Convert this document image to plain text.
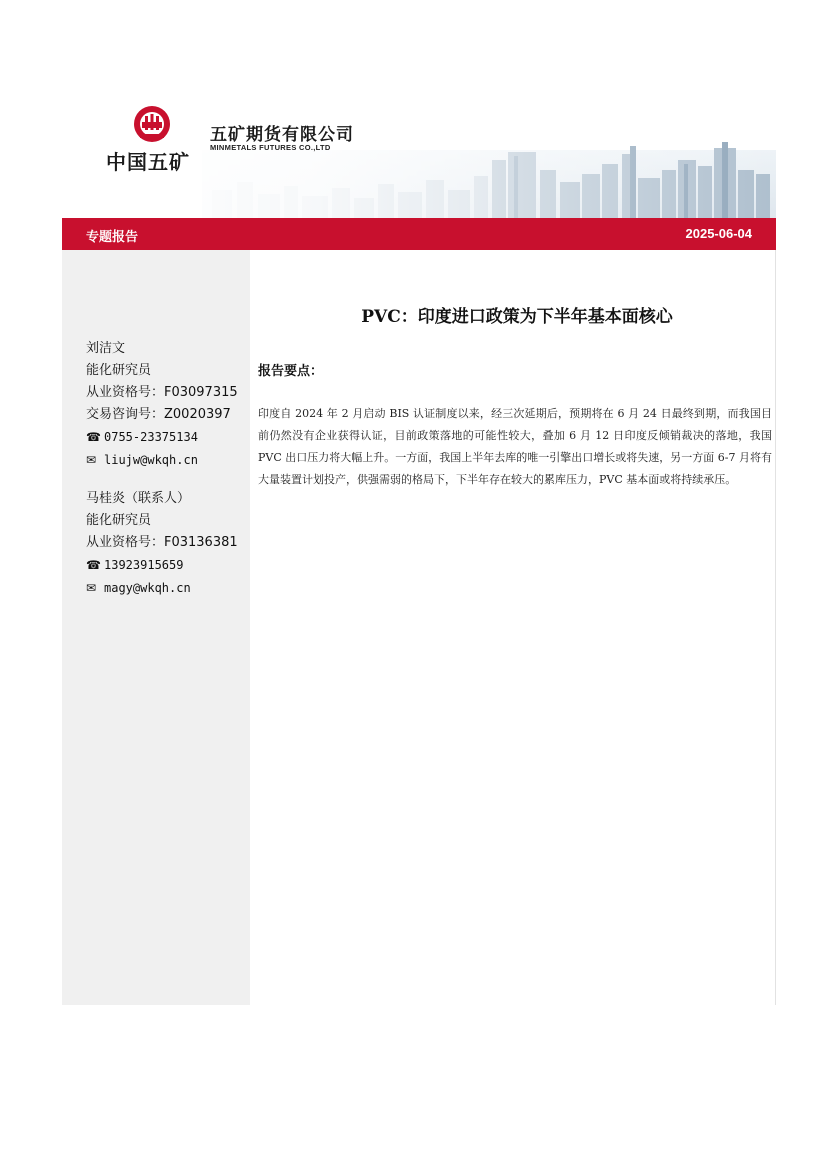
中国五矿
五矿期货有限公司
MINMETALS FUTURES CO.,LTD
专题报告	2025-06-04
刘洁文
能化研究员
从业资格号：F03097315
交易咨询号：Z0020397
☎ 0755-23375134
✉ liujw@wkqh.cn
马桂炎（联系人）
能化研究员
从业资格号：F03136381
☎ 13923915659
✉ magy@wkqh.cn
PVC：印度进口政策为下半年基本面核心
报告要点：
印度自 2024 年 2 月启动 BIS 认证制度以来，经三次延期后，预期将在 6 月 24 日最终到期，而我国目前仍然没有企业获得认证，目前政策落地的可能性较大，叠加 6 月 12 日印度反倾销裁决的落地，我国 PVC 出口压力将大幅上升。一方面，我国上半年去库的唯一引擎出口增长或将失速，另一方面 6-7 月将有大量装置计划投产，供强需弱的格局下，下半年存在较大的累库压力，PVC 基本面或将持续承压。
